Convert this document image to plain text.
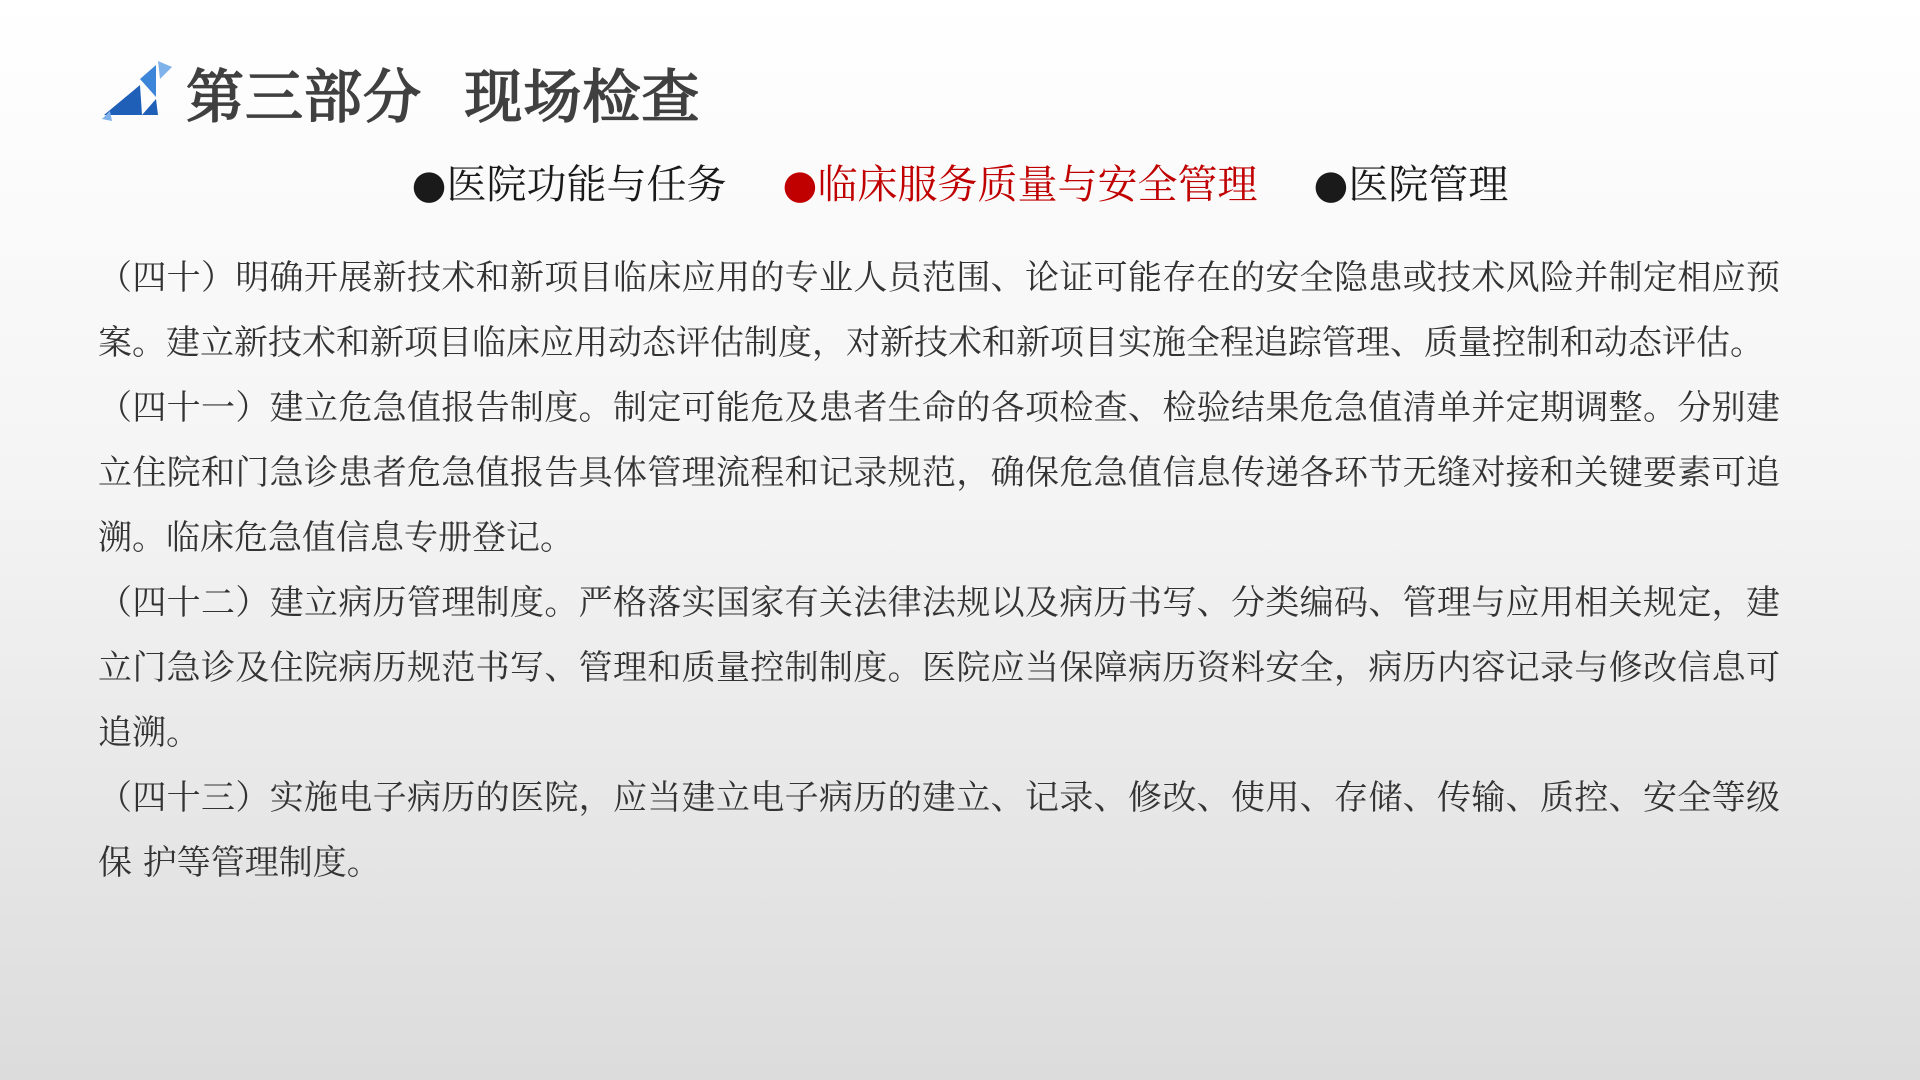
第三部分  现场检查
●医院功能与任务 ●临床服务质量与安全管理 ●医院管理

（四十）明确开展新技术和新项目临床应用的专业人员范围、论证可能存在的安全隐患或技术风险并制定相应预 案。建立新技术和新项目临床应用动态评估制度，对新技术和新项目实施全程追踪管理、质量控制和动态评估。

（四十一）建立危急值报告制度。制定可能危及患者生命的各项检查、检验结果危急值清单并定期调整。分别建立住院和门急诊患者危急值报告具体管理流程和记录规范，确保危急值信息传递各环节无缝对接和关键要素可追溯。临床危急值信息专册登记。

（四十二）建立病历管理制度。严格落实国家有关法律法规以及病历书写、分类编码、管理与应用相关规定，建立门急诊及住院病历规范书写、管理和质量控制制度。医院应当保障病历资料安全，病历内容记录与修改信息可追溯。

（四十三）实施电子病历的医院，应当建立电子病历的建立、记录、修改、使用、存储、传输、质控、安全等级保 护等管理制度。
